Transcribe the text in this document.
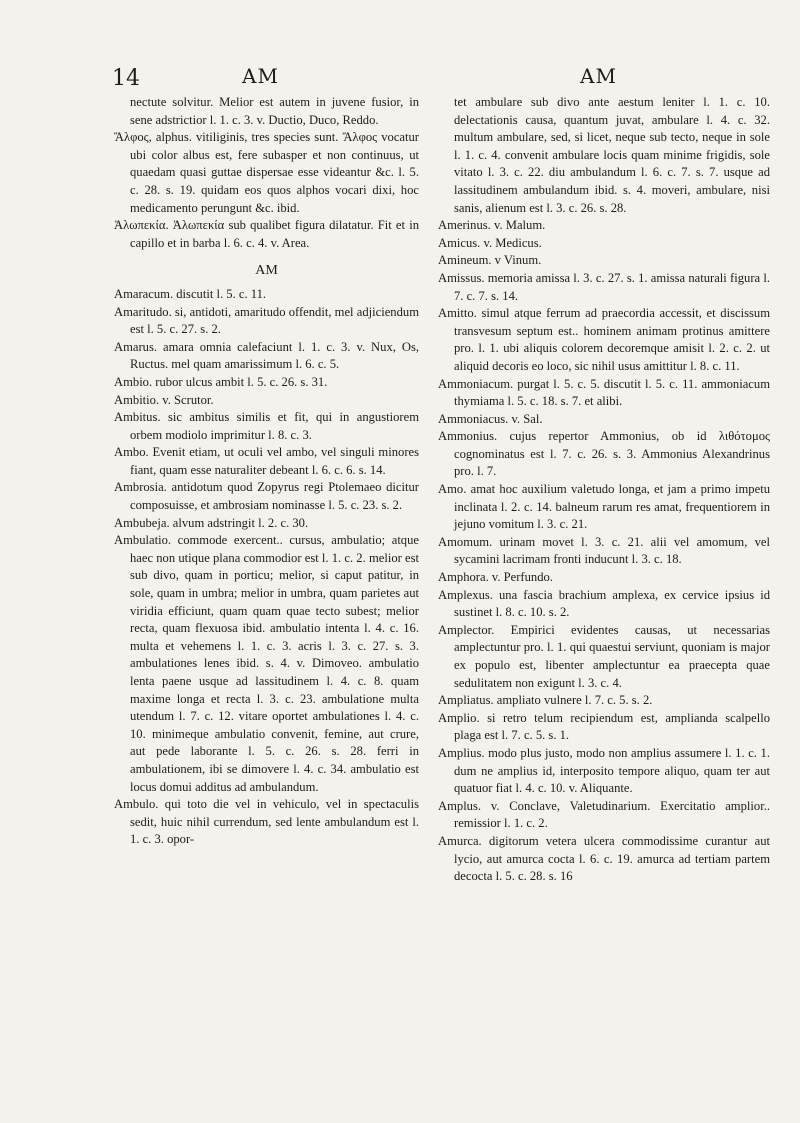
14	AM	AM

nectute solvitur. Melior est autem in juvene fusior, in sene adstrictior l. 1. c. 3. v. Ductio, Duco, Reddo.

Ἄλφος, alphus. vitiliginis, tres species sunt. Ἄλφος vocatur ubi color albus est, fere subasper et non continuus, ut quaedam quasi guttae dispersae esse videantur &c. l. 5. c. 28. s. 19. quidam eos quos alphos vocari dixi, hoc medicamento perungunt &c. ibid.

Ἀλωπεκία. Ἀλωπεκία sub qualibet figura dilatatur. Fit et in capillo et in barba l. 6. c. 4. v. Area.

AM

Amaracum. discutit l. 5. c. 11.

Amaritudo. si, antidoti, amaritudo offendit, mel adjiciendum est l. 5. c. 27. s. 2.

Amarus. amara omnia calefaciunt l. 1. c. 3. v. Nux, Os, Ructus. mel quam amarissimum l. 6. c. 5.

Ambio. rubor ulcus ambit l. 5. c. 26. s. 31.

Ambitio. v. Scrutor.

Ambitus. sic ambitus similis et fit, qui in angustiorem orbem modiolo imprimitur l. 8. c. 3.

Ambo. Evenit etiam, ut oculi vel ambo, vel singuli minores fiant, quam esse naturaliter debeant l. 6. c. 6. s. 14.

Ambrosia. antidotum quod Zopyrus regi Ptolemaeo dicitur composuisse, et ambrosiam nominasse l. 5. c. 23. s. 2.

Ambubeja. alvum adstringit l. 2. c. 30.

Ambulatio. commode exercent.. cursus, ambulatio; atque haec non utique plana commodior est l. 1. c. 2. melior est sub divo, quam in porticu; melior, si caput patitur, in sole, quam in umbra; melior in umbra, quam parietes aut viridia efficiunt, quam quam quae tecto subest; melior recta, quam flexuosa ibid. ambulatio intenta l. 4. c. 16. multa et vehemens l. 1. c. 3. acris l. 3. c. 27. s. 3. ambulationes lenes ibid. s. 4. v. Dimoveo. ambulatio lenta paene usque ad lassitudinem l. 4. c. 8. quam maxime longa et recta l. 3. c. 23. ambulatione multa utendum l. 7. c. 12. vitare oportet ambulationes l. 4. c. 10. minimeque ambulatio convenit, femine, aut crure, aut pede laborante l. 5. c. 26. s. 28. ferri in ambulationem, ibi se dimovere l. 4. c. 34. ambulatio est locus domui additus ad ambulandum.

Ambulo. qui toto die vel in vehiculo, vel in spectaculis sedit, huic nihil currendum, sed lente ambulandum est l. 1. c. 3. opor-

tet ambulare sub divo ante aestum leniter l. 1. c. 10. delectationis causa, quantum juvat, ambulare l. 4. c. 32. multum ambulare, sed, si licet, neque sub tecto, neque in sole l. 1. c. 4. convenit ambulare locis quam minime frigidis, sole vitato l. 3. c. 22. diu ambulandum l. 6. c. 7. s. 7. usque ad lassitudinem ambulandum ibid. s. 4. moveri, ambulare, nisi sanis, alienum est l. 3. c. 26. s. 28.

Amerinus. v. Malum.

Amicus. v. Medicus.

Amineum. v Vinum.

Amissus. memoria amissa l. 3. c. 27. s. 1. amissa naturali figura l. 7. c. 7. s. 14.

Amitto. simul atque ferrum ad praecordia accessit, et discissum transvesum septum est.. hominem animam protinus amittere pro. l. 1. ubi aliquis colorem decoremque amisit l. 2. c. 2. ut aliquid decoris eo loco, sic nihil usus amittitur l. 8. c. 11.

Ammoniacum. purgat l. 5. c. 5. discutit l. 5. c. 11. ammoniacum thymiama l. 5. c. 18. s. 7. et alibi.

Ammoniacus. v. Sal.

Ammonius. cujus repertor Ammonius, ob id λιθότομος cognominatus est l. 7. c. 26. s. 3. Ammonius Alexandrinus pro. l. 7.

Amo. amat hoc auxilium valetudo longa, et jam a primo impetu inclinata l. 2. c. 14. balneum rarum res amat, frequentiorem in jejuno vomitum l. 3. c. 21.

Amomum. urinam movet l. 3. c. 21. alii vel amomum, vel sycamini lacrimam fronti inducunt l. 3. c. 18.

Amphora. v. Perfundo.

Amplexus. una fascia brachium amplexa, ex cervice ipsius id sustinet l. 8. c. 10. s. 2.

Amplector. Empirici evidentes causas, ut necessarias amplectuntur pro. l. 1. qui quaestui serviunt, quoniam is major ex populo est, libenter amplectuntur ea praecepta quae sedulitatem non exigunt l. 3. c. 4.

Ampliatus. ampliato vulnere l. 7. c. 5. s. 2.

Amplio. si retro telum recipiendum est, amplianda scalpello plaga est l. 7. c. 5. s. 1.

Amplius. modo plus justo, modo non amplius assumere l. 1. c. 1. dum ne amplius id, interposito tempore aliquo, quam ter aut quatuor fiat l. 4. c. 10. v. Aliquante.

Amplus. v. Conclave, Valetudinarium. Exercitatio amplior.. remissior l. 1. c. 2.

Amurca. digitorum vetera ulcera commodissime curantur aut lycio, aut amurca cocta l. 6. c. 19. amurca ad tertiam partem decocta l. 5. c. 28. s. 16
